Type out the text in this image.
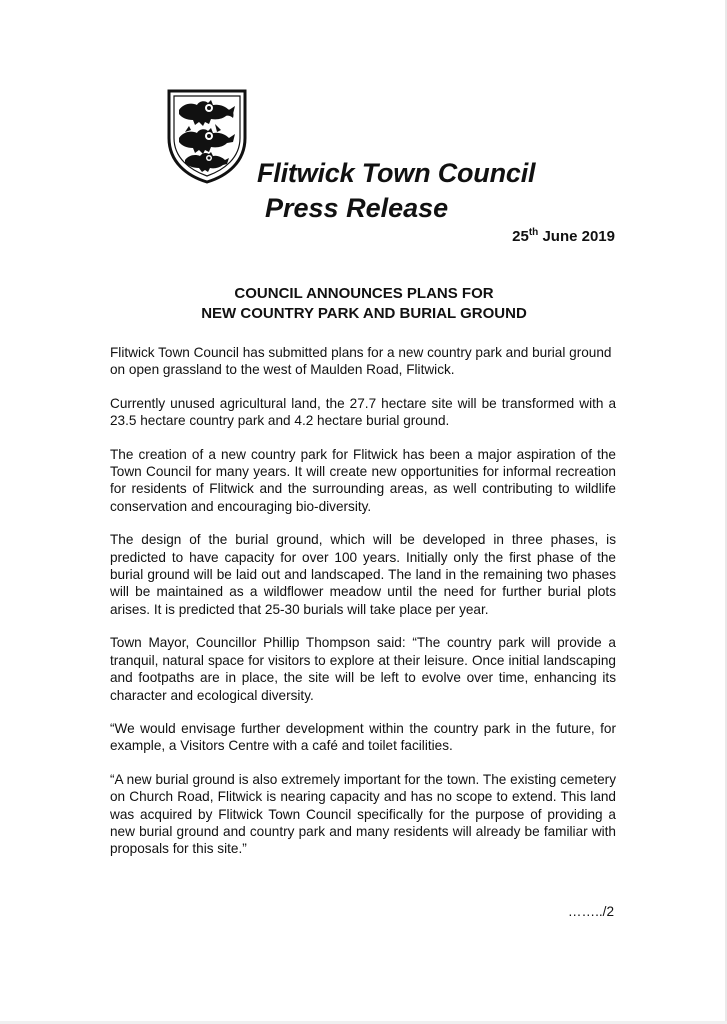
Flitwick Town Council
Press Release
25th June 2019
COUNCIL ANNOUNCES PLANS FOR
NEW COUNTRY PARK AND BURIAL GROUND

Flitwick Town Council has submitted plans for a new country park and burial ground on open grassland to the west of Maulden Road, Flitwick.

Currently unused agricultural land, the 27.7 hectare site will be transformed with a 23.5 hectare country park and 4.2 hectare burial ground.

The creation of a new country park for Flitwick has been a major aspiration of the Town Council for many years. It will create new opportunities for informal recreation for residents of Flitwick and the surrounding areas, as well contributing to wildlife conservation and encouraging bio-diversity.

The design of the burial ground, which will be developed in three phases, is predicted to have capacity for over 100 years. Initially only the first phase of the burial ground will be laid out and landscaped. The land in the remaining two phases will be maintained as a wildflower meadow until the need for further burial plots arises. It is predicted that 25-30 burials will take place per year.

Town Mayor, Councillor Phillip Thompson said: “The country park will provide a tranquil, natural space for visitors to explore at their leisure. Once initial landscaping and footpaths are in place, the site will be left to evolve over time, enhancing its character and ecological diversity.

“We would envisage further development within the country park in the future, for example, a Visitors Centre with a café and toilet facilities.

“A new burial ground is also extremely important for the town. The existing cemetery on Church Road, Flitwick is nearing capacity and has no scope to extend. This land was acquired by Flitwick Town Council specifically for the purpose of providing a new burial ground and country park and many residents will already be familiar with proposals for this site.”

……../2
